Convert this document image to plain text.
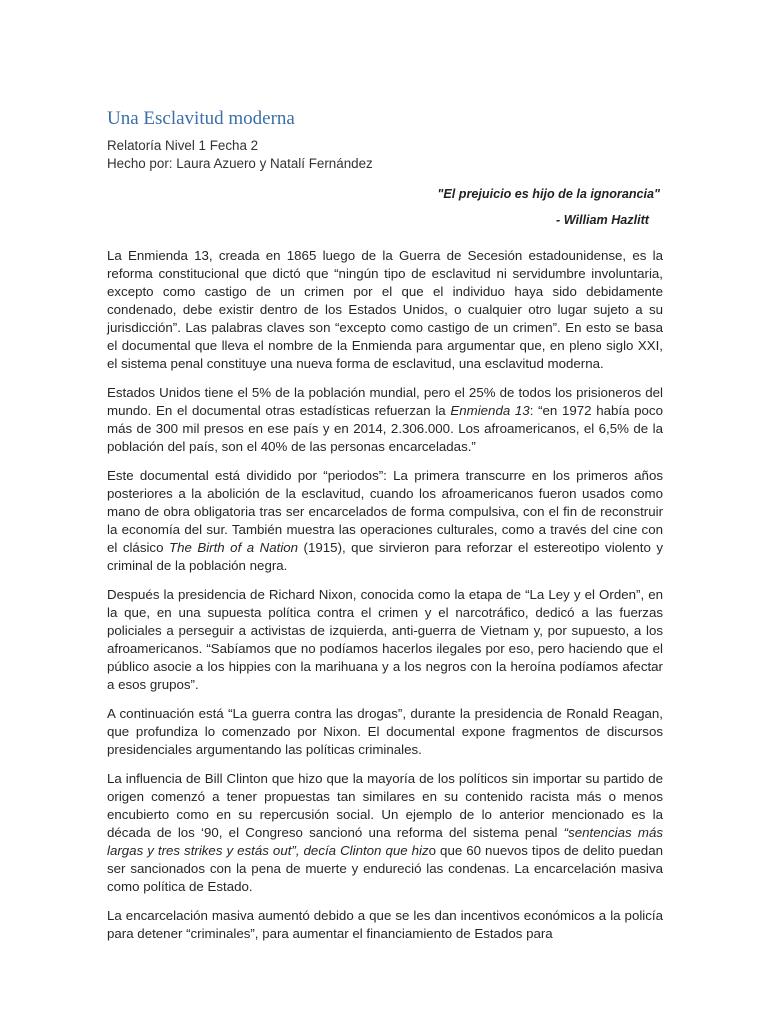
Una Esclavitud moderna

Relatoría Nivel 1 Fecha 2

Hecho por: Laura Azuero y Natalí Fernández

"El prejuicio es hijo de la ignorancia"

- William Hazlitt

La Enmienda 13, creada en 1865 luego de la Guerra de Secesión estadounidense, es la reforma constitucional que dictó que “ningún tipo de esclavitud ni servidumbre involuntaria, excepto como castigo de un crimen por el que el individuo haya sido debidamente condenado, debe existir dentro de los Estados Unidos, o cualquier otro lugar sujeto a su jurisdicción”. Las palabras claves son “excepto como castigo de un crimen”. En esto se basa el documental que lleva el nombre de la Enmienda para argumentar que, en pleno siglo XXI, el sistema penal constituye una nueva forma de esclavitud, una esclavitud moderna.

Estados Unidos tiene el 5% de la población mundial, pero el 25% de todos los prisioneros del mundo. En el documental otras estadísticas refuerzan la Enmienda 13: “en 1972 había poco más de 300 mil presos en ese país y en 2014, 2.306.000. Los afroamericanos, el 6,5% de la población del país, son el 40% de las personas encarceladas.”

Este documental está dividido por “periodos”: La primera transcurre en los primeros años posteriores a la abolición de la esclavitud, cuando los afroamericanos fueron usados como mano de obra obligatoria tras ser encarcelados de forma compulsiva, con el fin de reconstruir la economía del sur. También muestra las operaciones culturales, como a través del cine con el clásico The Birth of a Nation (1915), que sirvieron para reforzar el estereotipo violento y criminal de la población negra.

Después la presidencia de Richard Nixon, conocida como la etapa de “La Ley y el Orden”, en la que, en una supuesta política contra el crimen y el narcotráfico, dedicó a las fuerzas policiales a perseguir a activistas de izquierda, anti-guerra de Vietnam y, por supuesto, a los afroamericanos. “Sabíamos que no podíamos hacerlos ilegales por eso, pero haciendo que el público asocie a los hippies con la marihuana y a los negros con la heroína podíamos afectar a esos grupos”.

A continuación está “La guerra contra las drogas”, durante la presidencia de Ronald Reagan, que profundiza lo comenzado por Nixon. El documental expone fragmentos de discursos presidenciales argumentando las políticas criminales.

La influencia de Bill Clinton que hizo que la mayoría de los políticos sin importar su partido de origen comenzó a tener propuestas tan similares en su contenido racista más o menos encubierto como en su repercusión social. Un ejemplo de lo anterior mencionado es la década de los ‘90, el Congreso sancionó una reforma del sistema penal “sentencias más largas y tres strikes y estás out”, decía Clinton que hizo que 60 nuevos tipos de delito puedan ser sancionados con la pena de muerte y endureció las condenas. La encarcelación masiva como política de Estado.

La encarcelación masiva aumentó debido a que se les dan incentivos económicos a la policía para detener “criminales”, para aumentar el financiamiento de Estados para
